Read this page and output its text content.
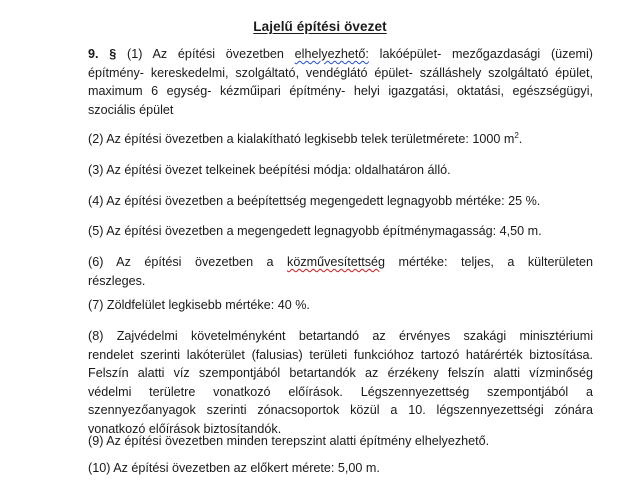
Lajelű építési övezet
9. § (1) Az építési övezetben elhelyezhető: lakóépület- mezőgazdasági (üzemi)
építmény- kereskedelmi, szolgáltató, vendéglátó épület- szálláshely szolgáltató épület,
maximum 6 egység- kézműipari építmény- helyi igazgatási, oktatási, egészségügyi,
szociális épület
(2) Az építési övezetben a kialakítható legkisebb telek területmérete: 1000 $m^2$.
(3) Az építési övezet telkeinek beépítési módja: oldalhatáron álló.
(4) Az építési övezetben a beépítettség megengedett legnagyobb mértéke: 25 %.
(5) Az építési övezetben a megengedett legnagyobb építménymagasság: 4,50 m.
(6) Az építési övezetben a közművesítettség mértéke: teljes, a külterületen
részleges.
(7) Zöldfelület legkisebb mértéke: 40 %.
(8) Zajvédelmi követelményként betartandó az érvényes szakági minisztériumi
rendelet szerinti lakóterület (falusias) területi funkcióhoz tartozó határérték biztosítása.
Felszín alatti víz szempontjából betartandók az érzékeny felszín alatti vízminőség
védelmi területre vonatkozó előírások. Légszennyezettség szempontjából a
szennyezőanyagok szerinti zónacsoportok közül a 10. légszennyezettségi zónára
vonatkozó előírások biztosítandók.
(9) Az építési övezetben minden terepszint alatti építmény elhelyezhető.
(10) Az építési övezetben az előkert mérete: 5,00 m.
